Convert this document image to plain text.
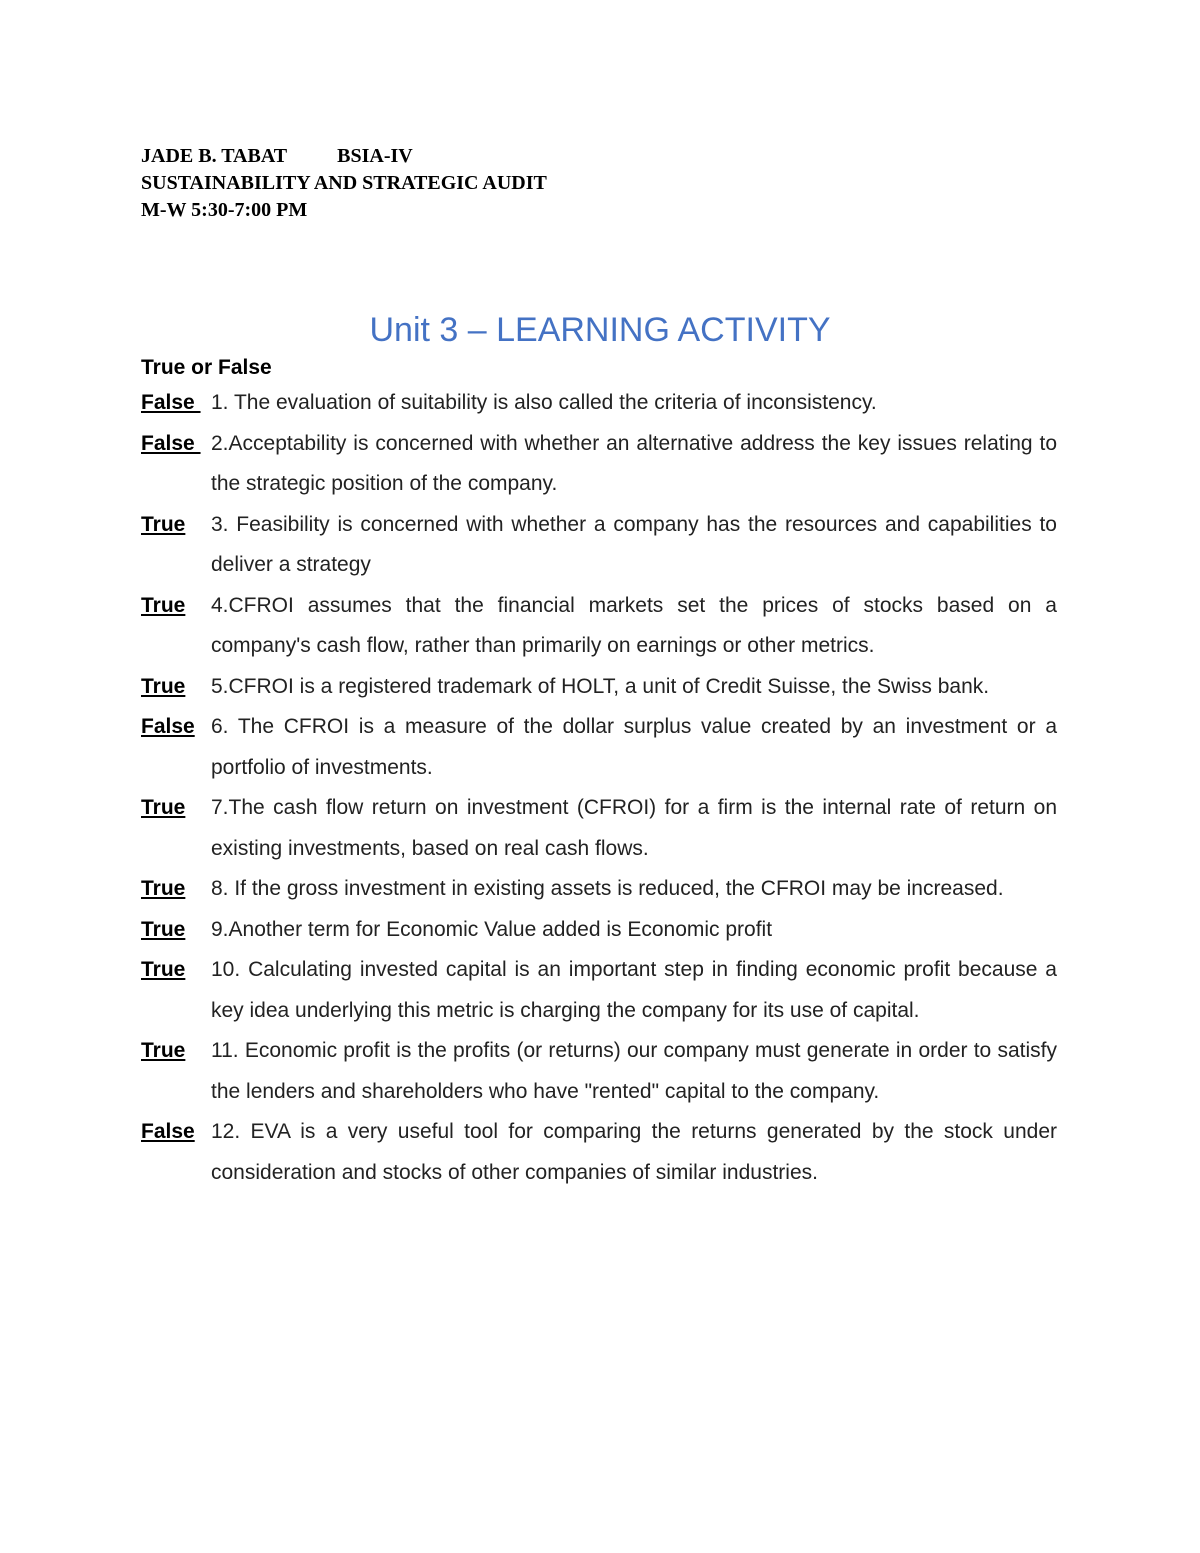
JADE B. TABAT	BSIA-IV
SUSTAINABILITY AND STRATEGIC AUDIT
M-W 5:30-7:00 PM
Unit 3 – LEARNING ACTIVITY
True or False
False 1. The evaluation of suitability is also called the criteria of inconsistency.
False 2.Acceptability is concerned with whether an alternative address the key issues relating to the strategic position of the company.
True	3. Feasibility is concerned with whether a company has the resources and capabilities to deliver a strategy
True	4.CFROI assumes that the financial markets set the prices of stocks based on a company's cash flow, rather than primarily on earnings or other metrics.
True	5.CFROI is a registered trademark of HOLT, a unit of Credit Suisse, the Swiss bank.
False 6. The CFROI is a measure of the dollar surplus value created by an investment or a portfolio of investments.
True	7.The cash flow return on investment (CFROI) for a firm is the internal rate of return on existing investments, based on real cash flows.
True	8. If the gross investment in existing assets is reduced, the CFROI may be increased.
True	9.Another term for Economic Value added is Economic profit
True	10. Calculating invested capital is an important step in finding economic profit because a key idea underlying this metric is charging the company for its use of capital.
True	11. Economic profit is the profits (or returns) our company must generate in order to satisfy the lenders and shareholders who have "rented" capital to the company.
False 12. EVA is a very useful tool for comparing the returns generated by the stock under consideration and stocks of other companies of similar industries.
